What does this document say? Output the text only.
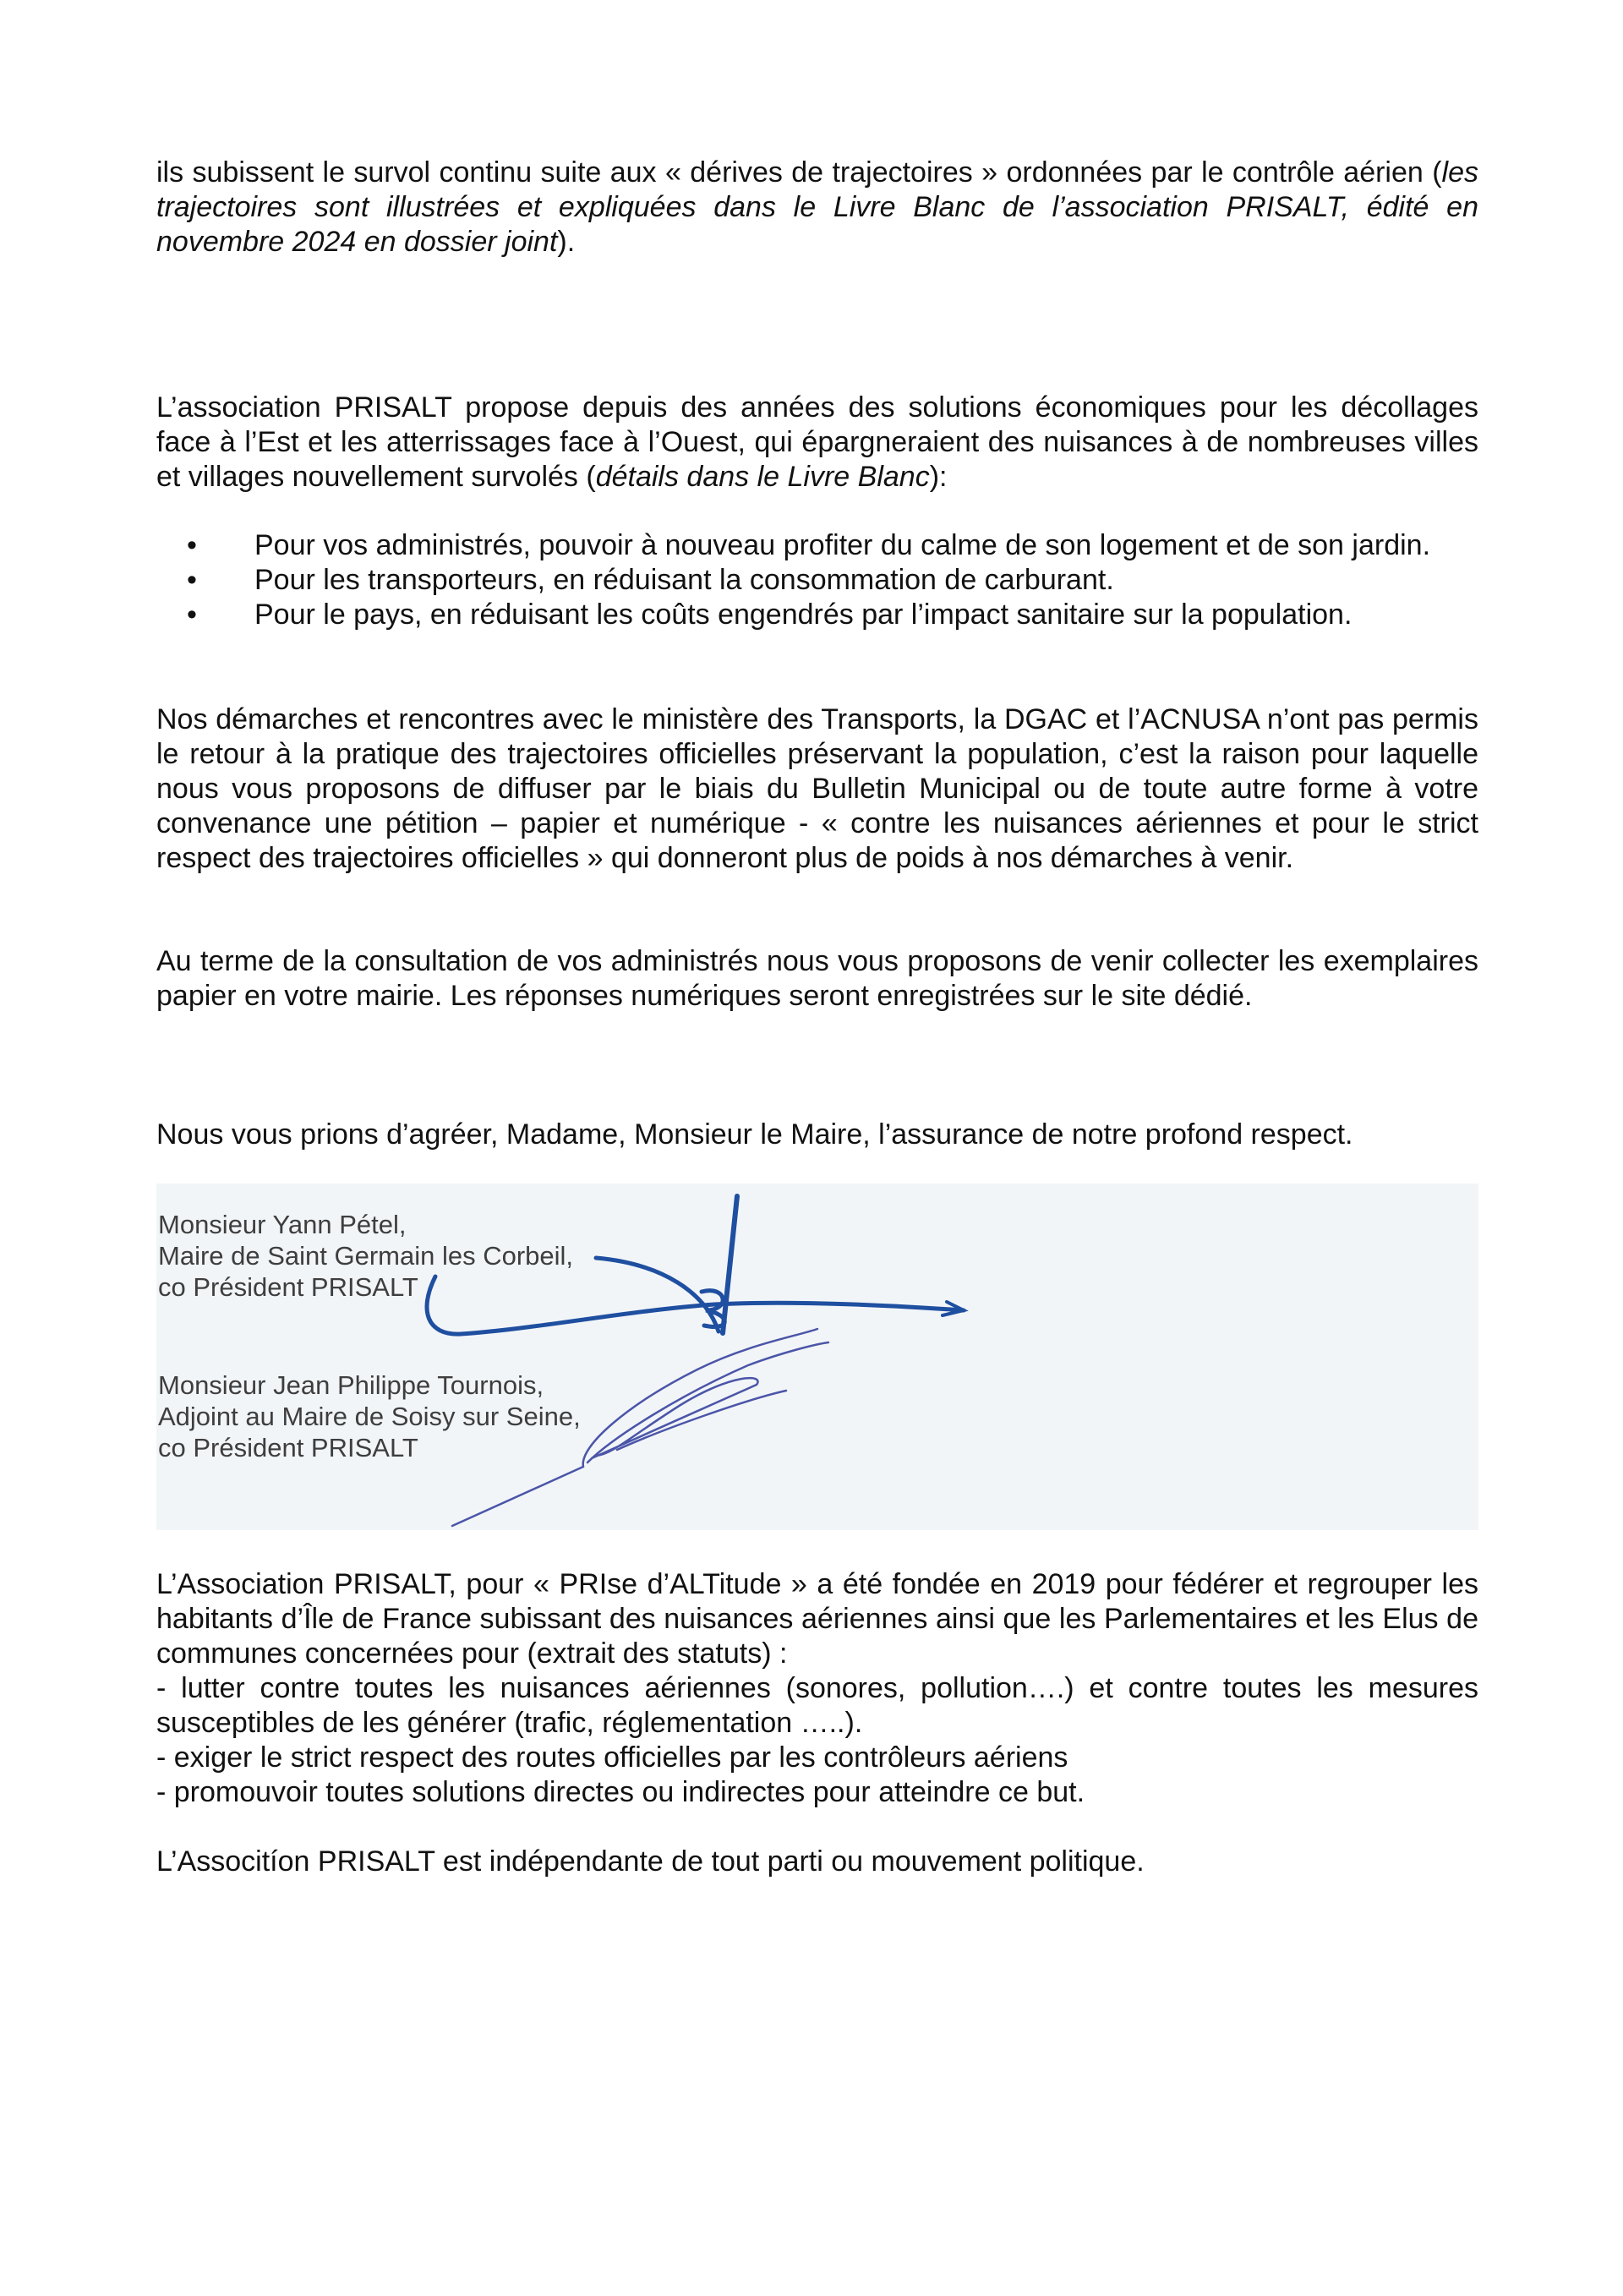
ils subissent le survol continu suite aux « dérives de trajectoires » ordonnées par le contrôle aérien (les trajectoires sont illustrées et expliquées dans le Livre Blanc de l’association PRISALT, édité en novembre 2024 en dossier joint).

L’association PRISALT propose depuis des années des solutions économiques pour les décollages face à l’Est et les atterrissages face à l’Ouest, qui épargneraient des nuisances à de nombreuses villes et villages nouvellement survolés (détails dans le Livre Blanc):

• Pour vos administrés, pouvoir à nouveau profiter du calme de son logement et de son jardin.
• Pour les transporteurs, en réduisant la consommation de carburant.
• Pour le pays, en réduisant les coûts engendrés par l’impact sanitaire sur la population.

Nos démarches et rencontres avec le ministère des Transports, la DGAC et l’ACNUSA n’ont pas permis le retour à la pratique des trajectoires officielles préservant la population, c’est la raison pour laquelle nous vous proposons de diffuser par le biais du Bulletin Municipal ou de toute autre forme à votre convenance une pétition – papier et numérique - « contre les nuisances aériennes et pour le strict respect des trajectoires officielles » qui donneront plus de poids à nos démarches à venir.

Au terme de la consultation de vos administrés nous vous proposons de venir collecter les exemplaires papier en votre mairie. Les réponses numériques seront enregistrées sur le site dédié.

Nous vous prions d’agréer, Madame, Monsieur le Maire, l’assurance de notre profond respect.

Monsieur Yann Pétel,
Maire de Saint Germain les Corbeil,
co Président PRISALT
Monsieur Jean Philippe Tournois,
Adjoint au Maire de Soisy sur Seine,
co Président PRISALT

L’Association PRISALT, pour « PRIse d’ALTitude » a été fondée en 2019 pour fédérer et regrouper les habitants d’Île de France subissant des nuisances aériennes ainsi que les Parlementaires et les Elus de communes concernées pour (extrait des statuts) :

- lutter contre toutes les nuisances aériennes (sonores, pollution….) et contre toutes les mesures susceptibles de les générer (trafic, réglementation …..).

- exiger le strict respect des routes officielles par les contrôleurs aériens

- promouvoir toutes solutions directes ou indirectes pour atteindre ce but.

L’Associtíon PRISALT est indépendante de tout parti ou mouvement politique.
